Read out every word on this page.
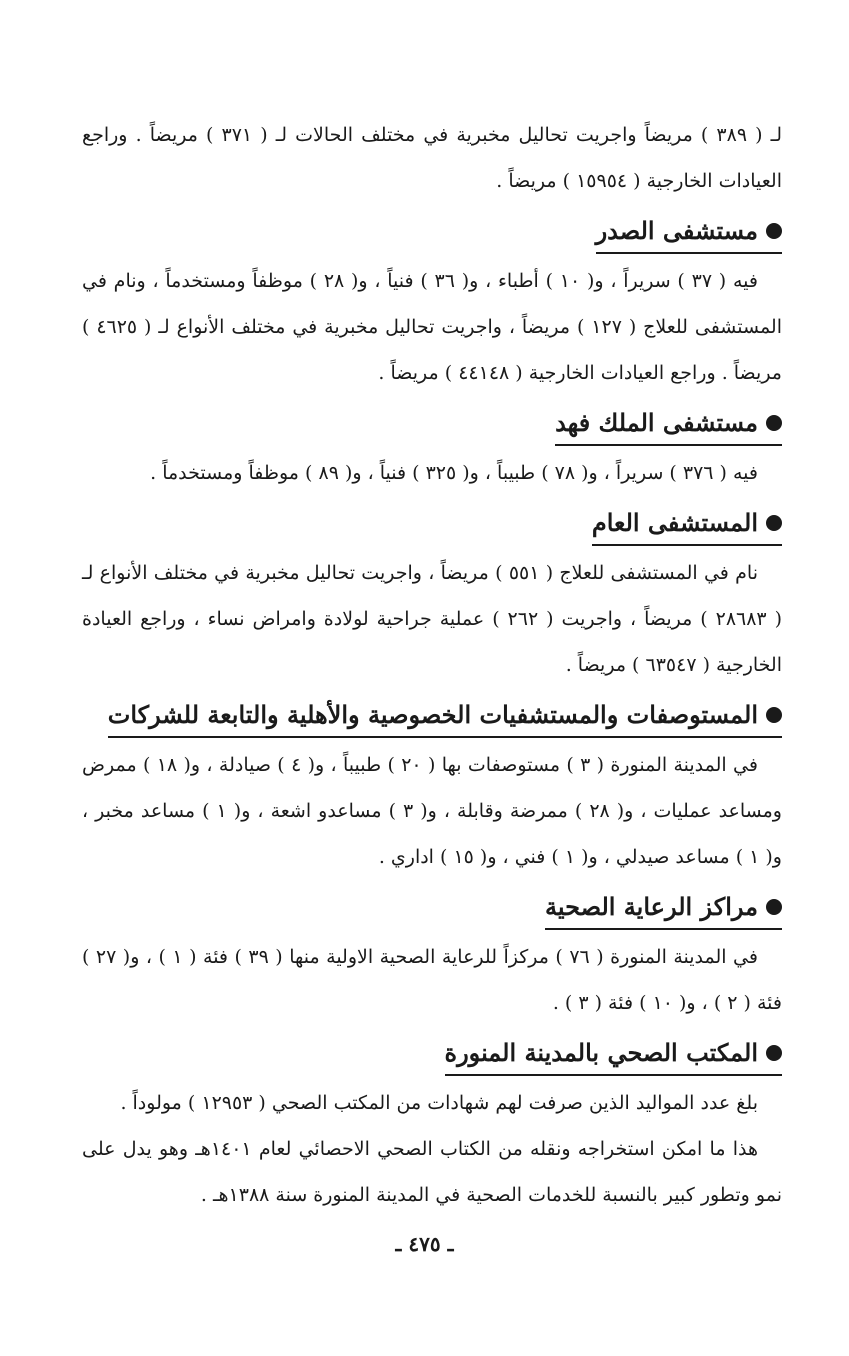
لـ ( ٣٨٩ ) مريضاً واجريت تحاليل مخبرية في مختلف الحالات لـ ( ٣٧١ ) مريضاً . وراجع العيادات الخارجية ( ١٥٩٥٤ ) مريضاً .

مستشفى الصدر

فيه ( ٣٧ ) سريراً ، و( ١٠ ) أطباء ، و( ٣٦ ) فنياً ، و( ٢٨ ) موظفاً ومستخدماً ، ونام في المستشفى للعلاج ( ١٢٧ ) مريضاً ، واجريت تحاليل مخبرية في مختلف الأنواع لـ ( ٤٦٢٥ ) مريضاً . وراجع العيادات الخارجية ( ٤٤١٤٨ ) مريضاً .

مستشفى الملك فهد

فيه ( ٣٧٦ ) سريراً ، و( ٧٨ ) طبيباً ، و( ٣٢٥ ) فنياً ، و( ٨٩ ) موظفاً ومستخدماً .

المستشفى العام

نام في المستشفى للعلاج ( ٥٥١ ) مريضاً ، واجريت تحاليل مخبرية في مختلف الأنواع لـ ( ٢٨٦٨٣ ) مريضاً ، واجريت ( ٢٦٢ ) عملية جراحية لولادة وامراض نساء ، وراجع العيادة الخارجية ( ٦٣٥٤٧ ) مريضاً .

المستوصفات والمستشفيات الخصوصية والأهلية والتابعة للشركات

في المدينة المنورة ( ٣ ) مستوصفات بها ( ٢٠ ) طبيباً ، و( ٤ ) صيادلة ، و( ١٨ ) ممرض ومساعد عمليات ، و( ٢٨ ) ممرضة وقابلة ، و( ٣ ) مساعدو اشعة ، و( ١ ) مساعد مخبر ، و( ١ ) مساعد صيدلي ، و( ١ ) فني ، و( ١٥ ) اداري .

مراكز الرعاية الصحية

في المدينة المنورة ( ٧٦ ) مركزاً للرعاية الصحية الاولية منها ( ٣٩ ) فئة ( ١ ) ، و( ٢٧ ) فئة ( ٢ ) ، و( ١٠ ) فئة ( ٣ ) .

المكتب الصحي بالمدينة المنورة

بلغ عدد المواليد الذين صرفت لهم شهادات من المكتب الصحي ( ١٢٩٥٣ ) مولوداً .

هذا ما امكن استخراجه ونقله من الكتاب الصحي الاحصائي لعام ١٤٠١هـ وهو يدل على نمو وتطور كبير بالنسبة للخدمات الصحية في المدينة المنورة سنة ١٣٨٨هـ .

ـ ٤٧٥ ـ
